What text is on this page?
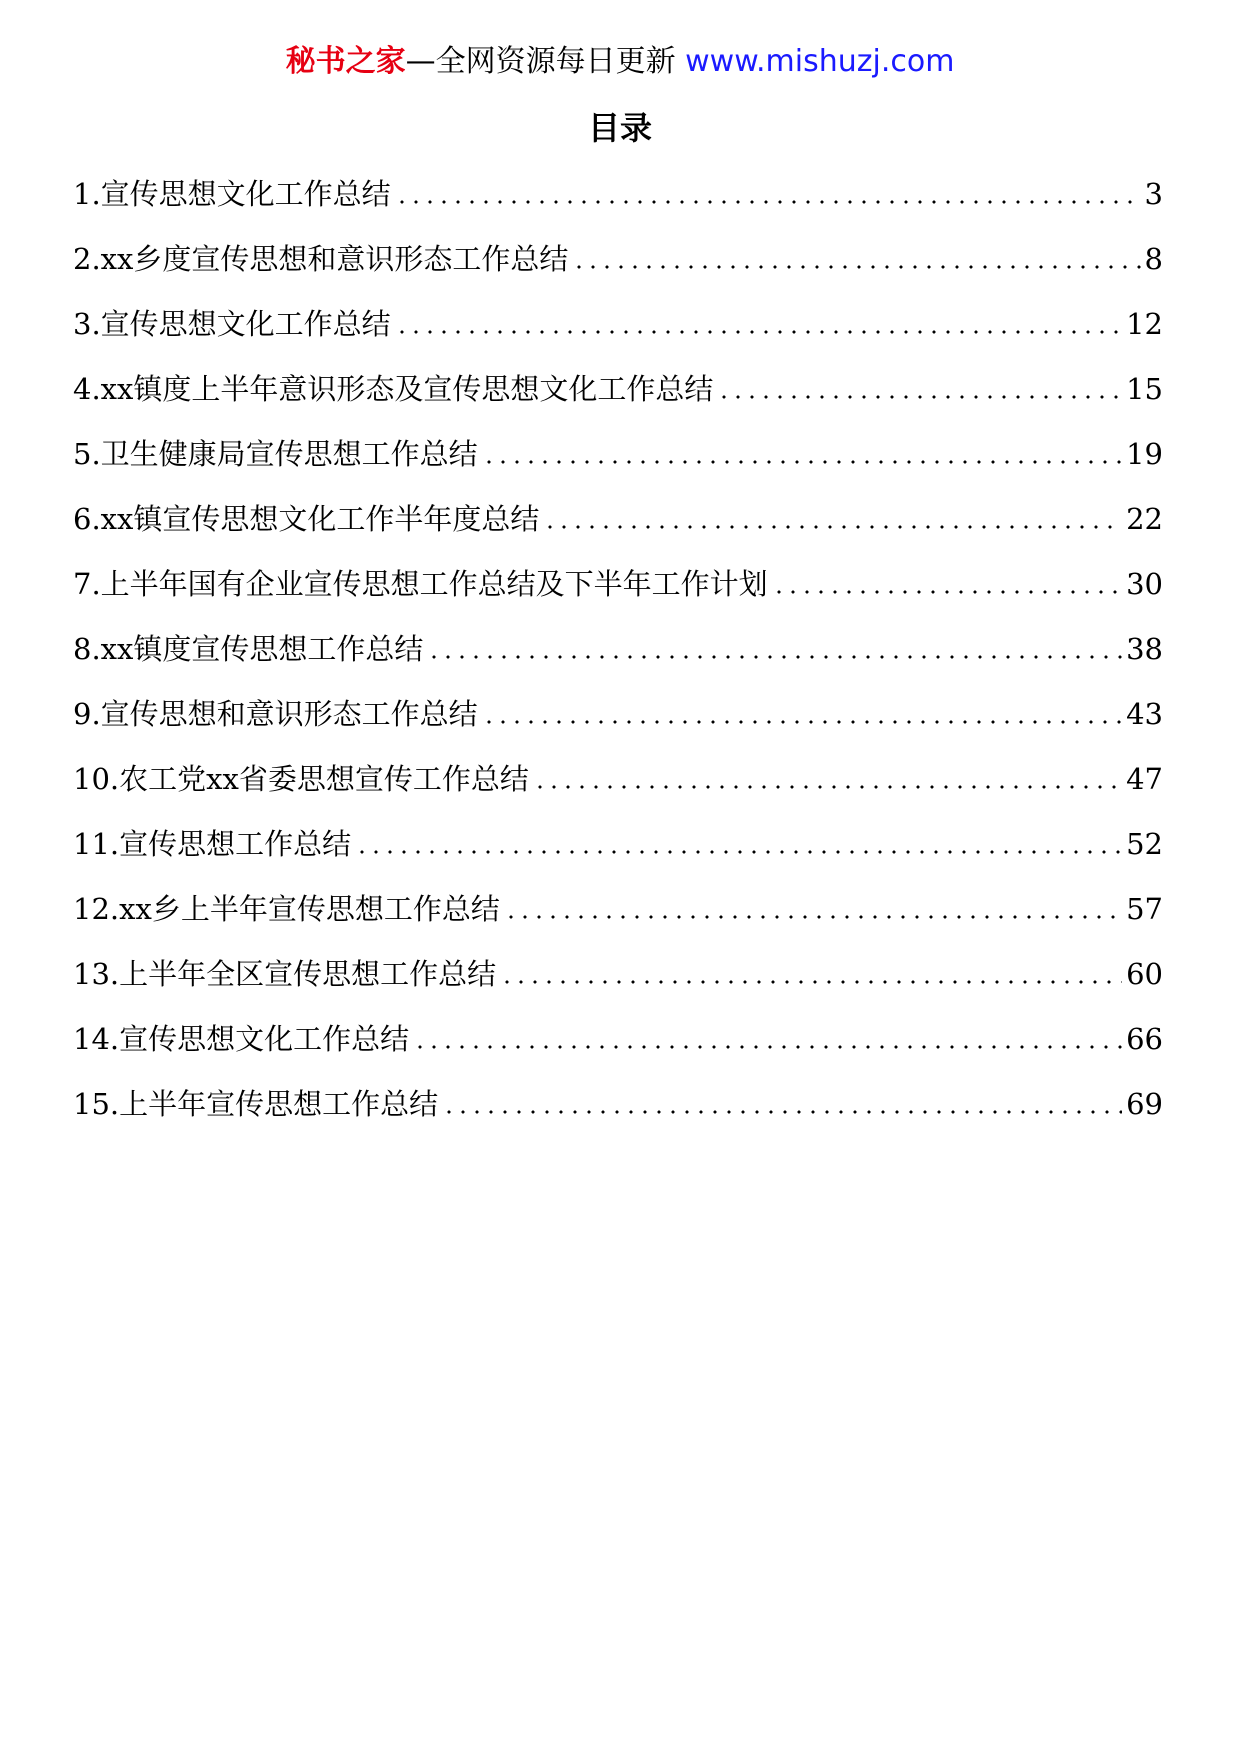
秘书之家—全网资源每日更新 www.mishuzj.com
目录
1.宣传思想文化工作总结	3
2.xx乡度宣传思想和意识形态工作总结	8
3.宣传思想文化工作总结	12
4.xx镇度上半年意识形态及宣传思想文化工作总结	15
5.卫生健康局宣传思想工作总结	19
6.xx镇宣传思想文化工作半年度总结	22
7.上半年国有企业宣传思想工作总结及下半年工作计划	30
8.xx镇度宣传思想工作总结	38
9.宣传思想和意识形态工作总结	43
10.农工党xx省委思想宣传工作总结	47
11.宣传思想工作总结	52
12.xx乡上半年宣传思想工作总结	57
13.上半年全区宣传思想工作总结	60
14.宣传思想文化工作总结	66
15.上半年宣传思想工作总结	69
